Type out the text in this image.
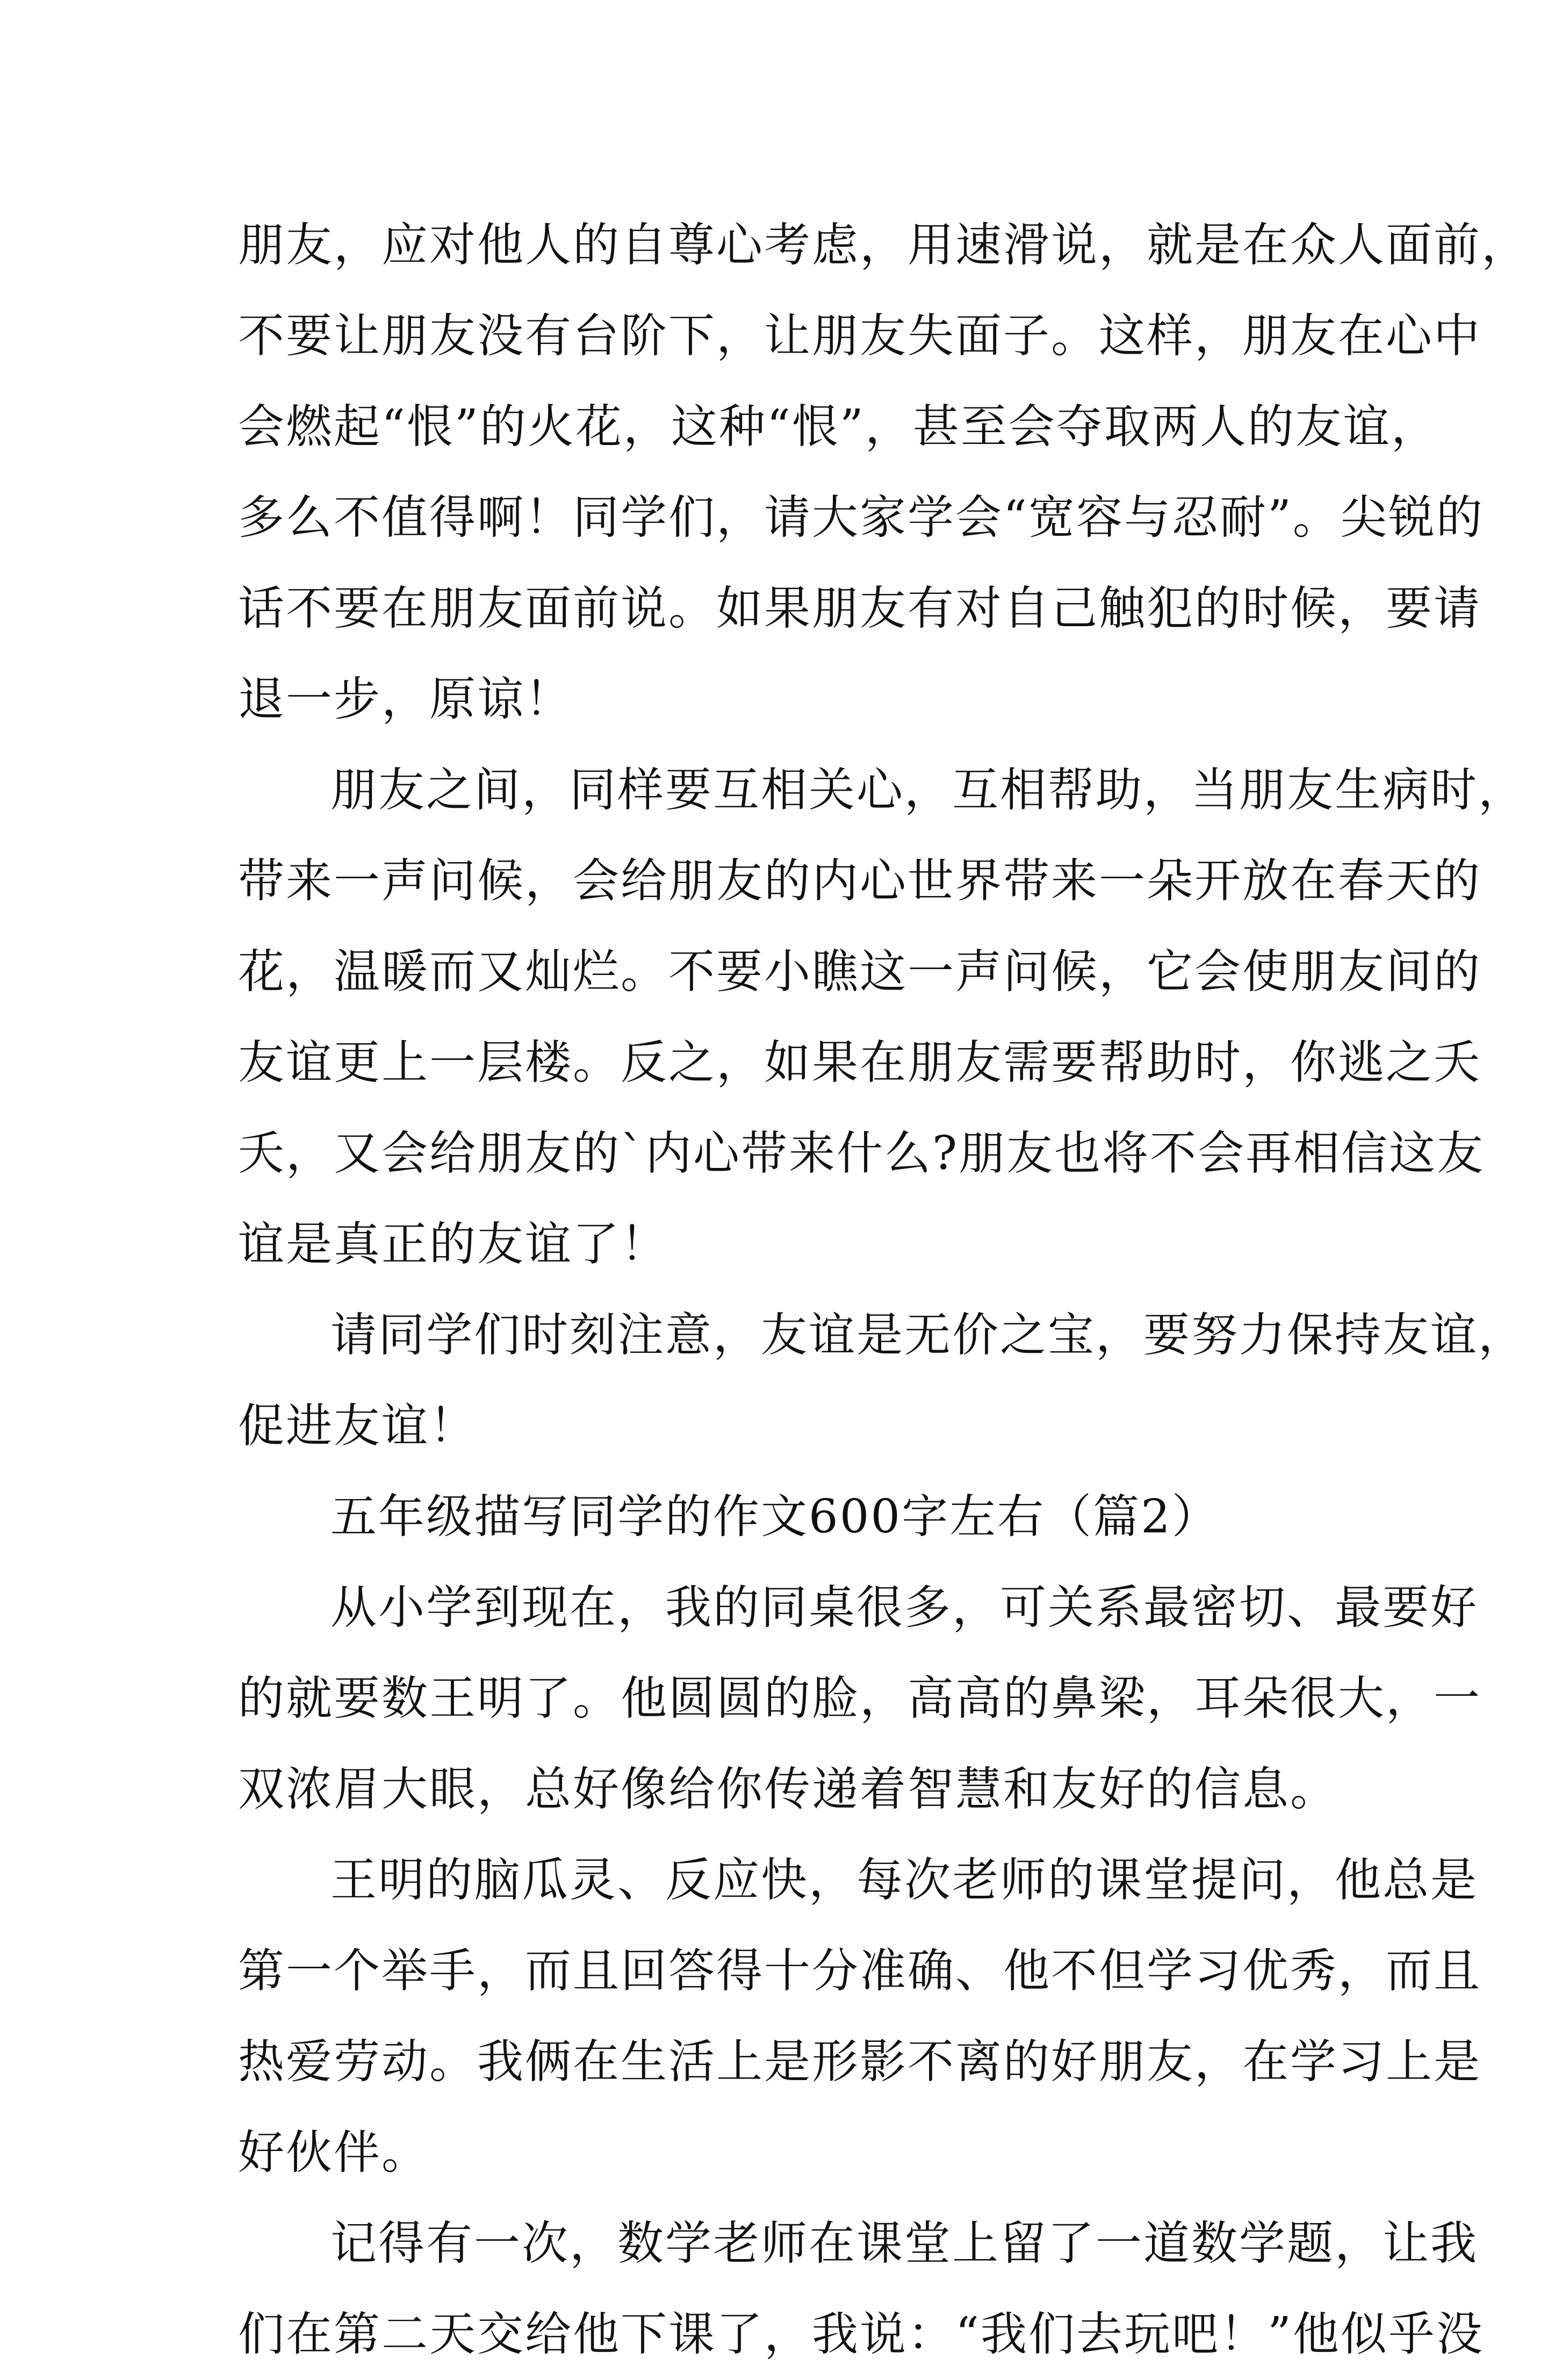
朋友，应对他人的自尊心考虑，用速滑说，就是在众人面前，
不要让朋友没有台阶下，让朋友失面子。这样，朋友在心中
会燃起“恨”的火花，这种“恨”，甚至会夺取两人的友谊，
多么不值得啊！同学们，请大家学会“宽容与忍耐”。尖锐的
话不要在朋友面前说。如果朋友有对自己触犯的时候，要请
退一步，原谅！
朋友之间，同样要互相关心，互相帮助，当朋友生病时，
带来一声问候，会给朋友的内心世界带来一朵开放在春天的
花，温暖而又灿烂。不要小瞧这一声问候，它会使朋友间的
友谊更上一层楼。反之，如果在朋友需要帮助时，你逃之夭
夭，又会给朋友的`内心带来什么?朋友也将不会再相信这友
谊是真正的友谊了！
请同学们时刻注意，友谊是无价之宝，要努力保持友谊，
促进友谊！
五年级描写同学的作文600字左右（篇2）
从小学到现在，我的同桌很多，可关系最密切、最要好
的就要数王明了。他圆圆的脸，高高的鼻梁，耳朵很大，一
双浓眉大眼，总好像给你传递着智慧和友好的信息。
王明的脑瓜灵、反应快，每次老师的课堂提问，他总是
第一个举手，而且回答得十分准确、他不但学习优秀，而且
热爱劳动。我俩在生活上是形影不离的好朋友，在学习上是
好伙伴。
记得有一次，数学老师在课堂上留了一道数学题，让我
们在第二天交给他下课了，我说：“我们去玩吧！”他似乎没
